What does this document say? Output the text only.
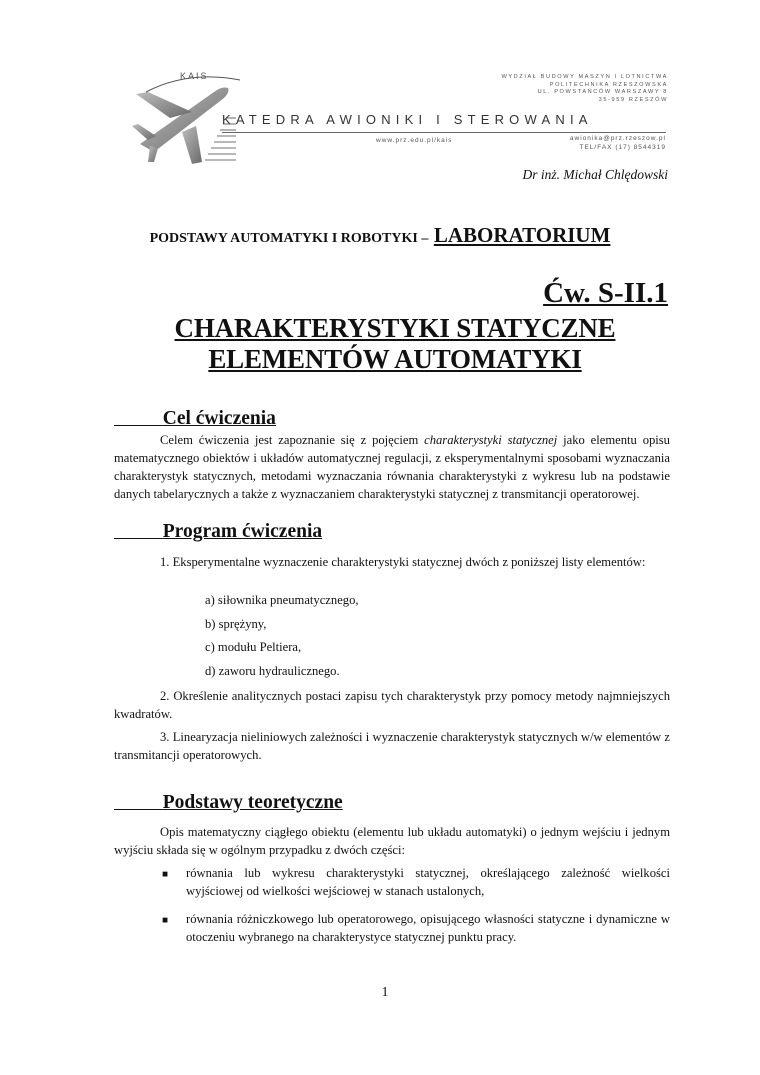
KAIS	WYDZIAŁ BUDOWY MASZYN I LOTNICTWA
POLITECHNIKA RZESZOWSKA
UL. POWSTAŃCÓW WARSZAWY 8
35-959 RZESZÓW
KATEDRA AWIONIKI I STEROWANIA
www.prz.edu.pl/kais	awionika@prz.rzeszow.pl
TEL/FAX (17) 8544319
Dr inż. Michał Chlędowski
PODSTAWY AUTOMATYKI I ROBOTYKI – LABORATORIUM
Ćw. S-II.1
CHARAKTERYSTYKI STATYCZNE
ELEMENTÓW AUTOMATYKI
Cel ćwiczenia
Celem ćwiczenia jest zapoznanie się z pojęciem charakterystyki statycznej jako elementu opisu matematycznego obiektów i układów automatycznej regulacji, z eksperymentalnymi sposobami wyznaczania charakterystyk statycznych, metodami wyznaczania równania charakterystyki z wykresu lub na podstawie danych tabelarycznych a także z wyznaczaniem charakterystyki statycznej z transmitancji operatorowej.
Program ćwiczenia
1. Eksperymentalne wyznaczenie charakterystyki statycznej dwóch z poniższej listy elementów:
a) siłownika pneumatycznego,
b) sprężyny,
c) modułu Peltiera,
d) zaworu hydraulicznego.
2. Określenie analitycznych postaci zapisu tych charakterystyk przy pomocy metody najmniejszych kwadratów.
3. Linearyzacja nieliniowych zależności i wyznaczenie charakterystyk statycznych w/w elementów z transmitancji operatorowych.
Podstawy teoretyczne
Opis matematyczny ciągłego obiektu (elementu lub układu automatyki) o jednym wejściu i jednym wyjściu składa się w ogólnym przypadku z dwóch części:
■ równania lub wykresu charakterystyki statycznej, określającego zależność wielkości wyjściowej od wielkości wejściowej w stanach ustalonych,
■ równania różniczkowego lub operatorowego, opisującego własności statyczne i dynamiczne w otoczeniu wybranego na charakterystyce statycznej punktu pracy.
1
